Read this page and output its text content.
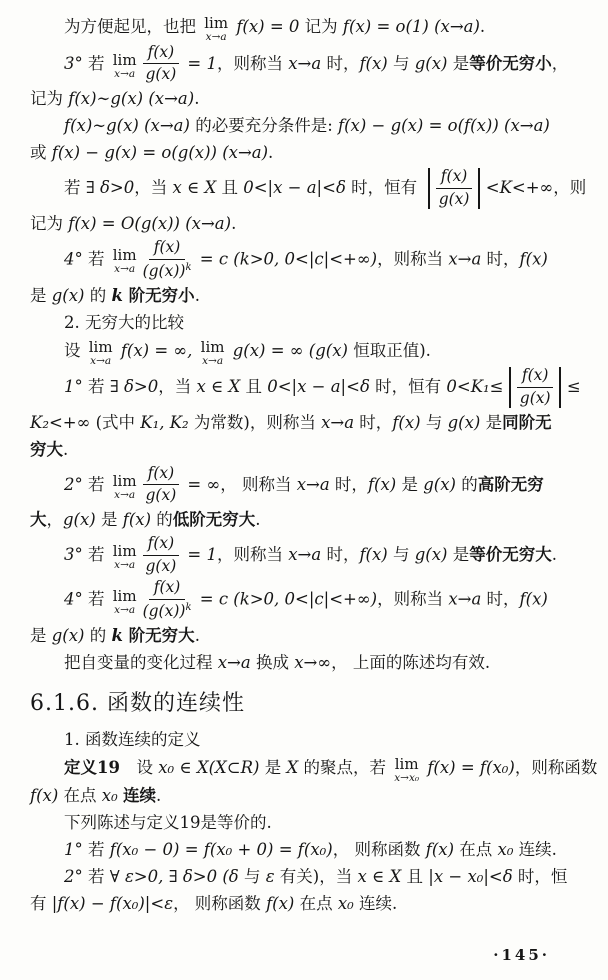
为方便起见，也把 lim
x→a
f(x) = 0 记为 f(x) = o(1) (x→a).
3° 若 lim
$x\to a \frac{f(x)}{g(x)} = 1$，则称当 x→a 时，f(x) 与 g(x) 是等价无穷小，
记为 f(x)∼g(x) (x→a).
f(x)∼g(x) (x→a) 的必要充分条件是: f(x) − g(x) = o(f(x)) (x→a)
或 f(x) − g(x) = o(g(x)) (x→a).
若 ∃ δ>0，当 x ∈ X 且 0<|x − a|<δ 时，恒有 $\frac{f(x)}{g(x)} <K<+\infty$，则
记为 f(x) = O(g(x)) (x→a).
4° 若 lim
$x\to a \frac{f(x)}{(g(x))^k} = c$ (k>0, 0<|c|<+∞)，则称当 x→a 时，f(x)
是 g(x) 的 k 阶无穷小.
2. 无穷大的比较
设 lim
x→a
f(x) = ∞, lim
x→a
g(x) = ∞ (g(x) 恒取正值).
1° 若 ∃ δ>0，当 x ∈ X 且 0<|x − a|<δ 时，恒有 $0<K_1\le \frac{f(x)}{g(x)}$ ≤
K₂<+∞ (式中 K₁, K₂ 为常数)，则称当 x→a 时，f(x) 与 g(x) 是同阶无
穷大.
2° 若 lim
$x\to a \frac{f(x)}{g(x)}$ = ∞， 则称当 x→a 时，f(x) 是 g(x) 的高阶无穷
大，g(x) 是 f(x) 的低阶无穷大.
3° 若 lim
$x\to a \frac{f(x)}{g(x)} = 1$，则称当 x→a 时，f(x) 与 g(x) 是等价无穷大.
4° 若 lim
$x\to a \frac{f(x)}{(g(x))^k} = c$ (k>0, 0<|c|<+∞)，则称当 x→a 时，f(x)
是 g(x) 的 k 阶无穷大.
把自变量的变化过程 x→a 换成 x→∞， 上面的陈述均有效.
6.1.6. 函数的连续性
1. 函数连续的定义
定义19　设 x₀ ∈ X(X⊂R) 是 X 的聚点，若 lim
x→x₀
f(x) = f(x₀)，则称函数
f(x) 在点 x₀ 连续.
下列陈述与定义19是等价的.
1° 若 f(x₀ − 0) = f(x₀ + 0) = f(x₀)， 则称函数 f(x) 在点 x₀ 连续.
2° 若 ∀ ε>0, ∃ δ>0 (δ 与 ε 有关)，当 x ∈ X 且 |x − x₀|<δ 时，恒
有 |f(x) − f(x₀)|<ε， 则称函数 f(x) 在点 x₀ 连续.
·145·
